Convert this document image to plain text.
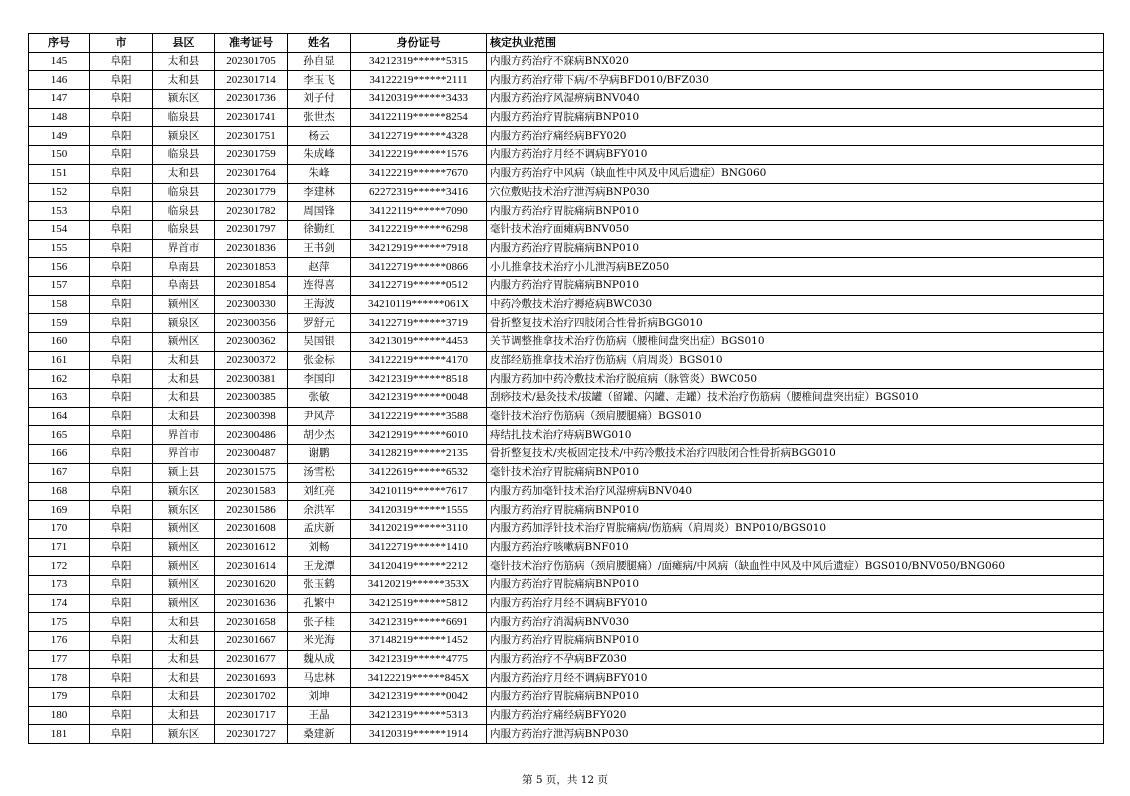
序号	市	县区	准考证号	姓名	身份证号	核定执业范围
145	阜阳	太和县	202301705	孙自显	34212319******5315	内服方药治疗不寐病BNX020
146	阜阳	太和县	202301714	李玉飞	34122219******2111	内服方药治疗带下病/不孕病BFD010/BFZ030
147	阜阳	颍东区	202301736	刘子付	34120319******3433	内服方药治疗风湿痹病BNV040
148	阜阳	临泉县	202301741	张世杰	34122119******8254	内服方药治疗胃脘痛病BNP010
149	阜阳	颍泉区	202301751	杨云	34122719******4328	内服方药治疗痛经病BFY020
150	阜阳	临泉县	202301759	朱成峰	34122219******1576	内服方药治疗月经不调病BFY010
151	阜阳	太和县	202301764	朱峰	34122219******7670	内服方药治疗中风病（缺血性中风及中风后遗症）BNG060
152	阜阳	临泉县	202301779	李建林	62272319******3416	穴位敷贴技术治疗泄泻病BNP030
153	阜阳	临泉县	202301782	周国锋	34122119******7090	内服方药治疗胃脘痛病BNP010
154	阜阳	临泉县	202301797	徐勤红	34122219******6298	毫针技术治疗面瘫病BNV050
155	阜阳	界首市	202301836	王书剑	34212919******7918	内服方药治疗胃脘痛病BNP010
156	阜阳	阜南县	202301853	赵萍	34122719******0866	小儿推拿技术治疗小儿泄泻病BEZ050
157	阜阳	阜南县	202301854	连得喜	34122719******0512	内服方药治疗胃脘痛病BNP010
158	阜阳	颍州区	202300330	王海波	34210119******061X	中药冷敷技术治疗褥疮病BWC030
159	阜阳	颍泉区	202300356	罗舒元	34122719******3719	骨折整复技术治疗四肢闭合性骨折病BGG010
160	阜阳	颍州区	202300362	吴国银	34213019******4453	关节调整推拿技术治疗伤筋病（腰椎间盘突出症）BGS010
161	阜阳	太和县	202300372	张金标	34122219******4170	皮部经筋推拿技术治疗伤筋病（肩周炎）BGS010
162	阜阳	太和县	202300381	李国印	34212319******8518	内服方药加中药冷敷技术治疗脱疽病（脉管炎）BWC050
163	阜阳	太和县	202300385	张敏	34212319******0048	刮痧技术/悬灸技术/拔罐（留罐、闪罐、走罐）技术治疗伤筋病（腰椎间盘突出症）BGS010
164	阜阳	太和县	202300398	尹风芹	34122219******3588	毫针技术治疗伤筋病（颈肩腰腿痛）BGS010
165	阜阳	界首市	202300486	胡少杰	34212919******6010	痔结扎技术治疗痔病BWG010
166	阜阳	界首市	202300487	谢鹏	34128219******2135	骨折整复技术/夹板固定技术/中药冷敷技术治疗四肢闭合性骨折病BGG010
167	阜阳	颍上县	202301575	汤雪松	34122619******6532	毫针技术治疗胃脘痛病BNP010
168	阜阳	颍东区	202301583	刘红亮	34210119******7617	内服方药加毫针技术治疗风湿痹病BNV040
169	阜阳	颍东区	202301586	余洪军	34120319******1555	内服方药治疗胃脘痛病BNP010
170	阜阳	颍州区	202301608	孟庆新	34120219******3110	内服方药加浮针技术治疗胃脘痛病/伤筋病（肩周炎）BNP010/BGS010
171	阜阳	颍州区	202301612	刘畅	34122719******1410	内服方药治疗咳嗽病BNF010
172	阜阳	颍州区	202301614	王龙潭	34120419******2212	毫针技术治疗伤筋病（颈肩腰腿痛）/面瘫病/中风病（缺血性中风及中风后遗症）BGS010/BNV050/BNG060
173	阜阳	颍州区	202301620	张玉鹤	34120219******353X	内服方药治疗胃脘痛病BNP010
174	阜阳	颍州区	202301636	孔繁中	34212519******5812	内服方药治疗月经不调病BFY010
175	阜阳	太和县	202301658	张子桂	34212319******6691	内服方药治疗消渴病BNV030
176	阜阳	太和县	202301667	米光海	37148219******1452	内服方药治疗胃脘痛病BNP010
177	阜阳	太和县	202301677	魏从成	34212319******4775	内服方药治疗不孕病BFZ030
178	阜阳	太和县	202301693	马忠林	34122219******845X	内服方药治疗月经不调病BFY010
179	阜阳	太和县	202301702	刘坤	34212319******0042	内服方药治疗胃脘痛病BNP010
180	阜阳	太和县	202301717	王晶	34212319******5313	内服方药治疗痛经病BFY020
181	阜阳	颍东区	202301727	桑建新	34120319******1914	内服方药治疗泄泻病BNP030
第 5 页，共 12 页
